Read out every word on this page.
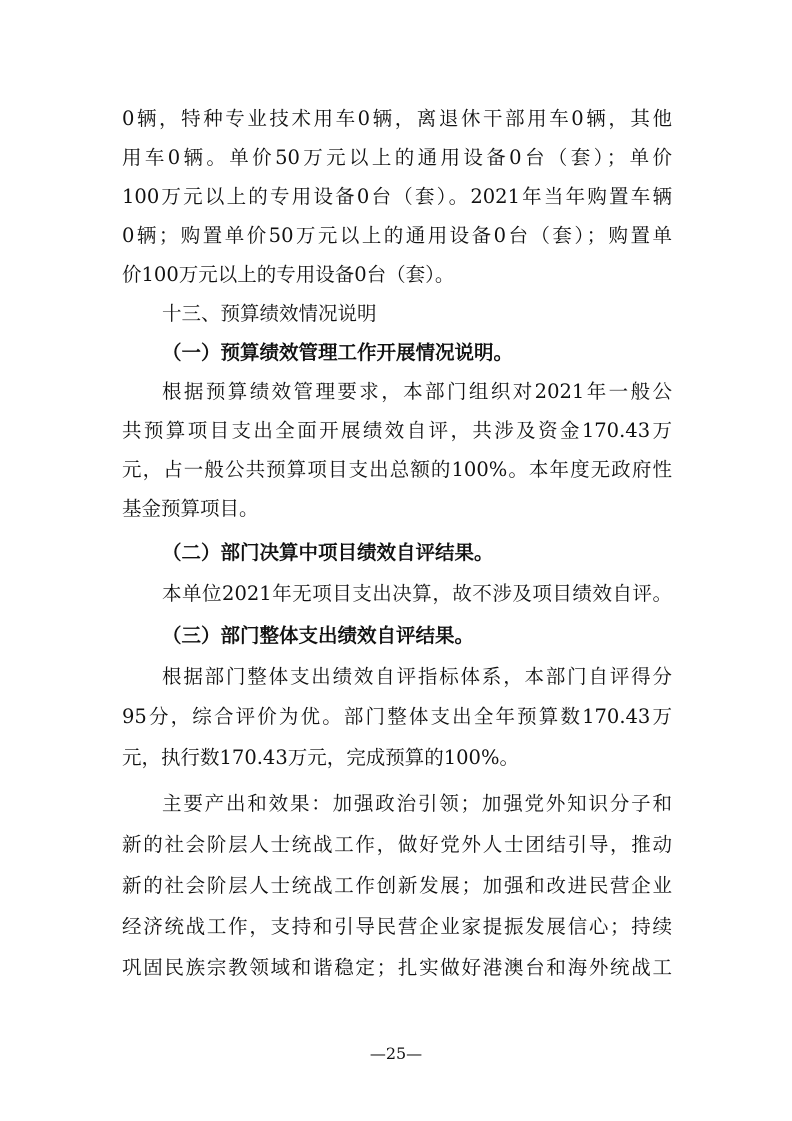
0辆，特种专业技术用车0辆，离退休干部用车0辆，其他
用车0辆。单价50万元以上的通用设备0台（套）；单价
100万元以上的专用设备0台（套）。2021年当年购置车辆
0辆；购置单价50万元以上的通用设备0台（套）；购置单
价100万元以上的专用设备0台（套）。
十三、预算绩效情况说明
（一）预算绩效管理工作开展情况说明。
根据预算绩效管理要求，本部门组织对2021年一般公
共预算项目支出全面开展绩效自评，共涉及资金170.43万
元，占一般公共预算项目支出总额的100%。本年度无政府性
基金预算项目。
（二）部门决算中项目绩效自评结果。
本单位2021年无项目支出决算，故不涉及项目绩效自评。
（三）部门整体支出绩效自评结果。
根据部门整体支出绩效自评指标体系，本部门自评得分
95分，综合评价为优。部门整体支出全年预算数170.43万
元，执行数170.43万元，完成预算的100%。
主要产出和效果：加强政治引领；加强党外知识分子和
新的社会阶层人士统战工作，做好党外人士团结引导，推动
新的社会阶层人士统战工作创新发展；加强和改进民营企业
经济统战工作，支持和引导民营企业家提振发展信心；持续
巩固民族宗教领域和谐稳定；扎实做好港澳台和海外统战工
—25—
